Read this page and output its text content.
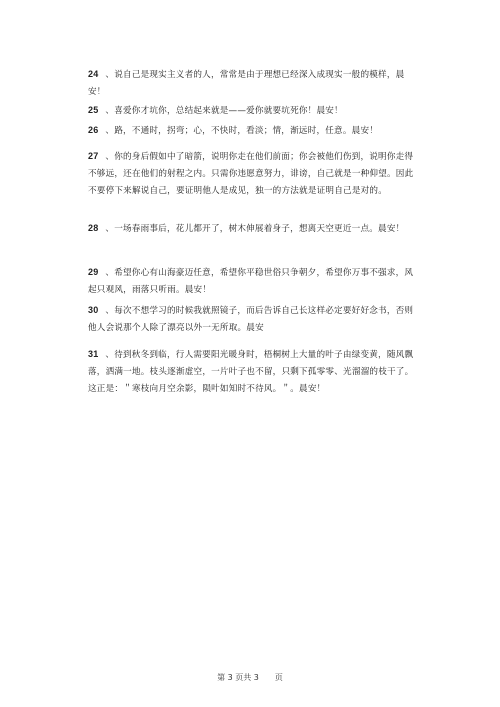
24 、说自己是现实主义者的人，常常是由于理想已经深入成现实一般的模样，晨安！
25 、喜爱你才坑你，总结起来就是——爱你就要坑死你！晨安！
26 、路，不通时，拐弯；心，不快时，看淡；情，渐远时，任意。晨安！
27 、你的身后假如中了暗箭，说明你走在他们前面；你会被他们伤到，说明你走得不够远，还在他们的射程之内。只需你违愿意努力，诽谤，自己就是一种仰望。因此不要停下来解说自己，要证明他人是成见，独一的方法就是证明自己是对的。
28 、一场春雨事后，花儿都开了，树木伸展着身子，想离天空更近一点。晨安！
29 、希望你心有山海豪迈任意，希望你平稳世俗只争朝夕，希望你万事不强求，风起只观风，雨落只听雨。晨安！
30 、每次不想学习的时候我就照镜子，而后告诉自己长这样必定要好好念书，否则他人会说那个人除了漂亮以外一无所取。晨安
31 、待到秋冬到临，行人需要阳光暖身时，梧桐树上大量的叶子由绿变黄，随风飘落，洒满一地。枝头逐渐虚空，一片叶子也不留，只剩下孤零零、光溜溜的枝干了。这正是：＂寒枝向月空余影，陨叶如知时不待风。＂。晨安！
第 3 页共 3　　页
